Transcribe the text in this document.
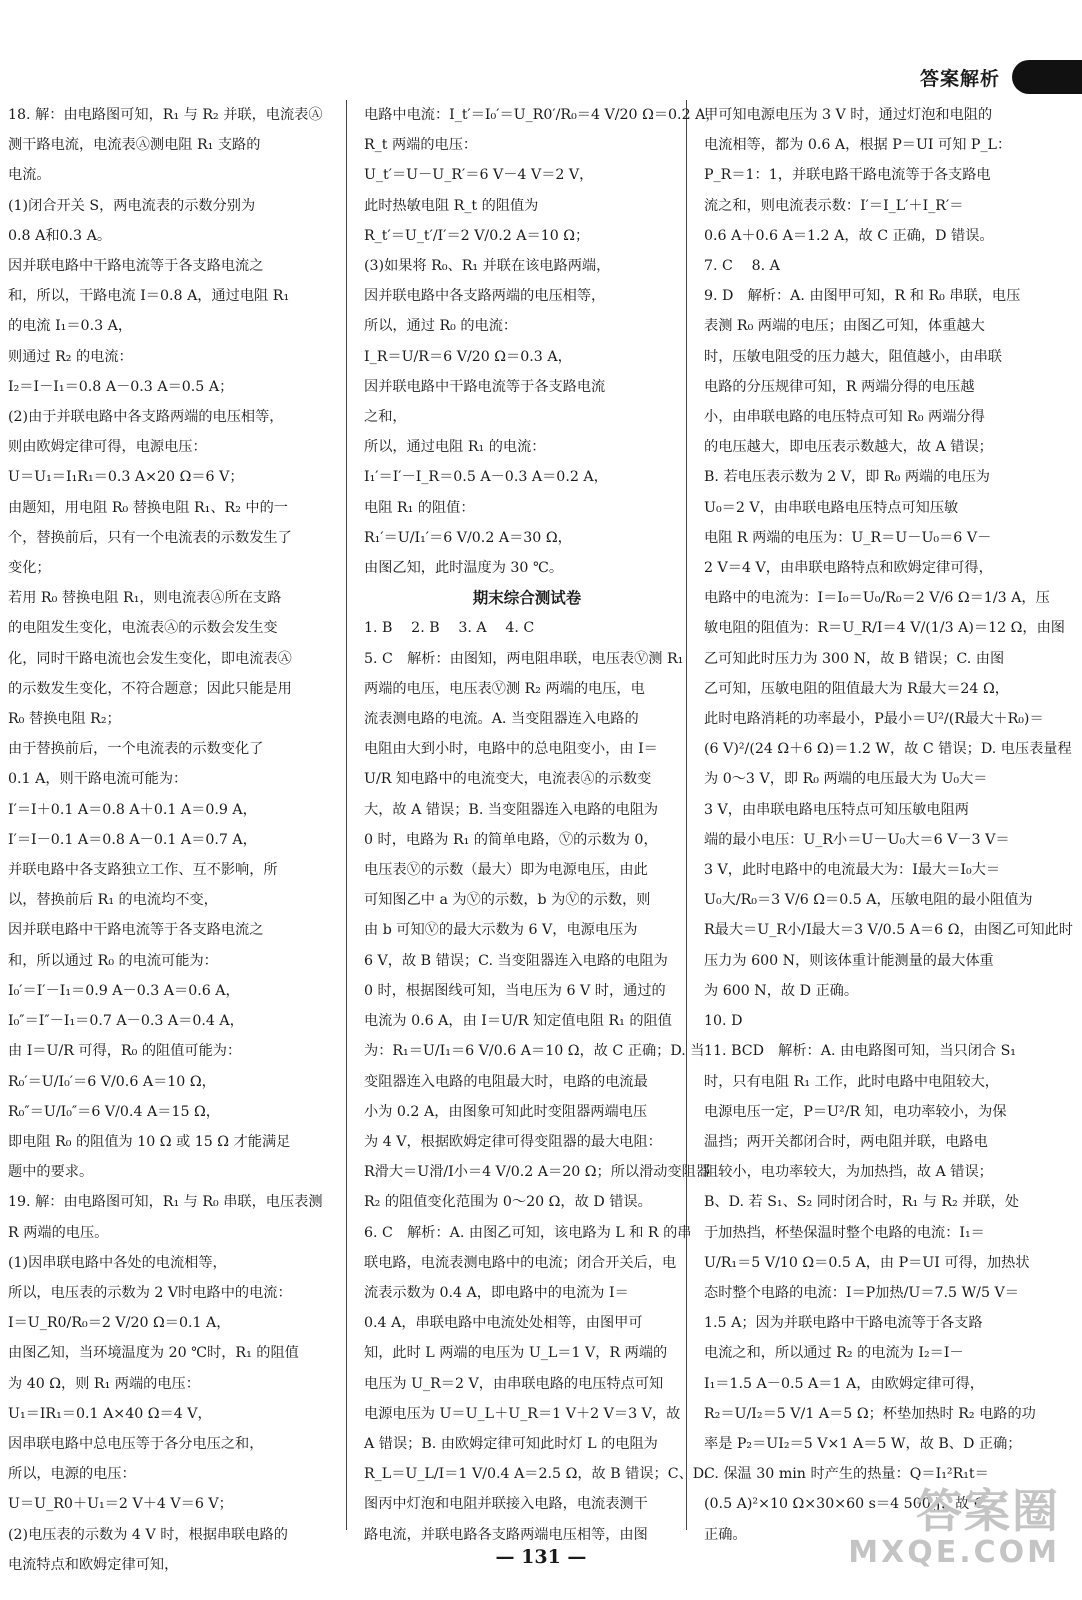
答案解析
18. 解：由电路图可知，R₁ 与 R₂ 并联，电流表Ⓐ
测干路电流，电流表Ⓐ测电阻 R₁ 支路的
电流。
(1)闭合开关 S，两电流表的示数分别为
0.8 A和0.3 A。
因并联电路中干路电流等于各支路电流之
和，所以，干路电流 I＝0.8 A，通过电阻 R₁
的电流 I₁＝0.3 A，
则通过 R₂ 的电流：
I₂＝I－I₁＝0.8 A－0.3 A＝0.5 A；
(2)由于并联电路中各支路两端的电压相等，
则由欧姆定律可得，电源电压：
U＝U₁＝I₁R₁＝0.3 A×20 Ω＝6 V；
由题知，用电阻 R₀ 替换电阻 R₁、R₂ 中的一
个，替换前后，只有一个电流表的示数发生了
变化；
若用 R₀ 替换电阻 R₁，则电流表Ⓐ所在支路
的电阻发生变化，电流表Ⓐ的示数会发生变
化，同时干路电流也会发生变化，即电流表Ⓐ
的示数发生变化，不符合题意；因此只能是用
R₀ 替换电阻 R₂；
由于替换前后，一个电流表的示数变化了
0.1 A，则干路电流可能为：
I′＝I＋0.1 A＝0.8 A＋0.1 A＝0.9 A，
I′＝I－0.1 A＝0.8 A－0.1 A＝0.7 A，
并联电路中各支路独立工作、互不影响，所
以，替换前后 R₁ 的电流均不变，
因并联电路中干路电流等于各支路电流之
和，所以通过 R₀ 的电流可能为：
I₀′＝I′－I₁＝0.9 A－0.3 A＝0.6 A，
I₀″＝I″－I₁＝0.7 A－0.3 A＝0.4 A，
由 I＝U/R 可得，R₀ 的阻值可能为：
R₀′＝U/I₀′＝6 V/0.6 A＝10 Ω，
R₀″＝U/I₀″＝6 V/0.4 A＝15 Ω，
即电阻 R₀ 的阻值为 10 Ω 或 15 Ω 才能满足
题中的要求。
19. 解：由电路图可知，R₁ 与 R₀ 串联，电压表测
R 两端的电压。
(1)因串联电路中各处的电流相等，
所以，电压表的示数为 2 V时电路中的电流：
I＝U_R0/R₀＝2 V/20 Ω＝0.1 A，
由图乙知，当环境温度为 20 ℃时，R₁ 的阻值
为 40 Ω，则 R₁ 两端的电压：
U₁＝IR₁＝0.1 A×40 Ω＝4 V，
因串联电路中总电压等于各分电压之和，
所以，电源的电压：
U＝U_R0＋U₁＝2 V＋4 V＝6 V；
(2)电压表的示数为 4 V 时，根据串联电路的
电流特点和欧姆定律可知，
电路中电流：I_t′＝I₀′＝U_R0′/R₀＝4 V/20 Ω＝0.2 A，
R_t 两端的电压：
U_t′＝U－U_R′＝6 V－4 V＝2 V，
此时热敏电阻 R_t 的阻值为
R_t′＝U_t′/I′＝2 V/0.2 A＝10 Ω；
(3)如果将 R₀、R₁ 并联在该电路两端，
因并联电路中各支路两端的电压相等，
所以，通过 R₀ 的电流：
I_R＝U/R＝6 V/20 Ω＝0.3 A，
因并联电路中干路电流等于各支路电流
之和，
所以，通过电阻 R₁ 的电流：
I₁′＝I′－I_R＝0.5 A－0.3 A＝0.2 A，
电阻 R₁ 的阻值：
R₁′＝U/I₁′＝6 V/0.2 A＝30 Ω，
由图乙知，此时温度为 30 ℃。
期末综合测试卷
1. B　 2. B　 3. A　 4. C
5. C　解析：由图知，两电阻串联，电压表Ⓥ测 R₁
两端的电压，电压表Ⓥ测 R₂ 两端的电压，电
流表测电路的电流。A. 当变阻器连入电路的
电阻由大到小时，电路中的总电阻变小，由 I＝
U/R 知电路中的电流变大，电流表Ⓐ的示数变
大，故 A 错误；B. 当变阻器连入电路的电阻为
0 时，电路为 R₁ 的简单电路，Ⓥ的示数为 0，
电压表Ⓥ的示数（最大）即为电源电压，由此
可知图乙中 a 为Ⓥ的示数，b 为Ⓥ的示数，则
由 b 可知Ⓥ的最大示数为 6 V，电源电压为
6 V，故 B 错误；C. 当变阻器连入电路的电阻为
0 时，根据图线可知，当电压为 6 V 时，通过的
电流为 0.6 A，由 I＝U/R 知定值电阻 R₁ 的阻值
为：R₁＝U/I₁＝6 V/0.6 A＝10 Ω，故 C 正确；D. 当
变阻器连入电路的电阻最大时，电路的电流最
小为 0.2 A，由图象可知此时变阻器两端电压
为 4 V，根据欧姆定律可得变阻器的最大电阻：
R滑大＝U滑/I小＝4 V/0.2 A＝20 Ω；所以滑动变阻器
R₂ 的阻值变化范围为 0～20 Ω，故 D 错误。
6. C　解析：A. 由图乙可知，该电路为 L 和 R 的串
联电路，电流表测电路中的电流；闭合开关后，电
流表示数为 0.4 A，即电路中的电流为 I＝
0.4 A，串联电路中电流处处相等，由图甲可
知，此时 L 两端的电压为 U_L＝1 V，R 两端的
电压为 U_R＝2 V，由串联电路的电压特点可知
电源电压为 U＝U_L＋U_R＝1 V＋2 V＝3 V，故
A 错误；B. 由欧姆定律可知此时灯 L 的电阻为
R_L＝U_L/I＝1 V/0.4 A＝2.5 Ω，故 B 错误；C、D.
图丙中灯泡和电阻并联接入电路，电流表测干
路电流，并联电路各支路两端电压相等，由图
甲可知电源电压为 3 V 时，通过灯泡和电阻的
电流相等，都为 0.6 A，根据 P＝UI 可知 P_L：
P_R＝1：1，并联电路干路电流等于各支路电
流之和，则电流表示数：I′＝I_L′＋I_R′＝
0.6 A＋0.6 A＝1.2 A，故 C 正确，D 错误。
7. C　 8. A
9. D　解析：A. 由图甲可知，R 和 R₀ 串联，电压
表测 R₀ 两端的电压；由图乙可知，体重越大
时，压敏电阻受的压力越大，阻值越小，由串联
电路的分压规律可知，R 两端分得的电压越
小，由串联电路的电压特点可知 R₀ 两端分得
的电压越大，即电压表示数越大，故 A 错误；
B. 若电压表示数为 2 V，即 R₀ 两端的电压为
U₀＝2 V，由串联电路电压特点可知压敏
电阻 R 两端的电压为：U_R＝U－U₀＝6 V－
2 V＝4 V，由串联电路特点和欧姆定律可得，
电路中的电流为：I＝I₀＝U₀/R₀＝2 V/6 Ω＝1/3 A，压
敏电阻的阻值为：R＝U_R/I＝4 V/(1/3 A)＝12 Ω，由图
乙可知此时压力为 300 N，故 B 错误；C. 由图
乙可知，压敏电阻的阻值最大为 R最大＝24 Ω，
此时电路消耗的功率最小，P最小＝U²/(R最大＋R₀)＝
(6 V)²/(24 Ω＋6 Ω)＝1.2 W，故 C 错误；D. 电压表量程
为 0～3 V，即 R₀ 两端的电压最大为 U₀大＝
3 V，由串联电路电压特点可知压敏电阻两
端的最小电压：U_R小＝U－U₀大＝6 V－3 V＝
3 V，此时电路中的电流最大为：I最大＝I₀大＝
U₀大/R₀＝3 V/6 Ω＝0.5 A，压敏电阻的最小阻值为
R最大＝U_R小/I最大＝3 V/0.5 A＝6 Ω，由图乙可知此时
压力为 600 N，则该体重计能测量的最大体重
为 600 N，故 D 正确。
10. D
11. BCD　解析：A. 由电路图可知，当只闭合 S₁
时，只有电阻 R₁ 工作，此时电路中电阻较大，
电源电压一定，P＝U²/R 知，电功率较小，为保
温挡；两开关都闭合时，两电阻并联，电路电
阻较小，电功率较大，为加热挡，故 A 错误；
B、D. 若 S₁、S₂ 同时闭合时，R₁ 与 R₂ 并联，处
于加热挡，杯垫保温时整个电路的电流：I₁＝
U/R₁＝5 V/10 Ω＝0.5 A，由 P＝UI 可得，加热状
态时整个电路的电流：I＝P加热/U＝7.5 W/5 V＝
1.5 A；因为并联电路中干路电流等于各支路
电流之和，所以通过 R₂ 的电流为 I₂＝I－
I₁＝1.5 A－0.5 A＝1 A，由欧姆定律可得，
R₂＝U/I₂＝5 V/1 A＝5 Ω；杯垫加热时 R₂ 电路的功
率是 P₂＝UI₂＝5 V×1 A＝5 W，故 B、D 正确；
C. 保温 30 min 时产生的热量：Q＝I₁²R₁t＝
(0.5 A)²×10 Ω×30×60 s＝4 500 J，故 C
正确。	答案圈
MXQE.COM
— 131 —
